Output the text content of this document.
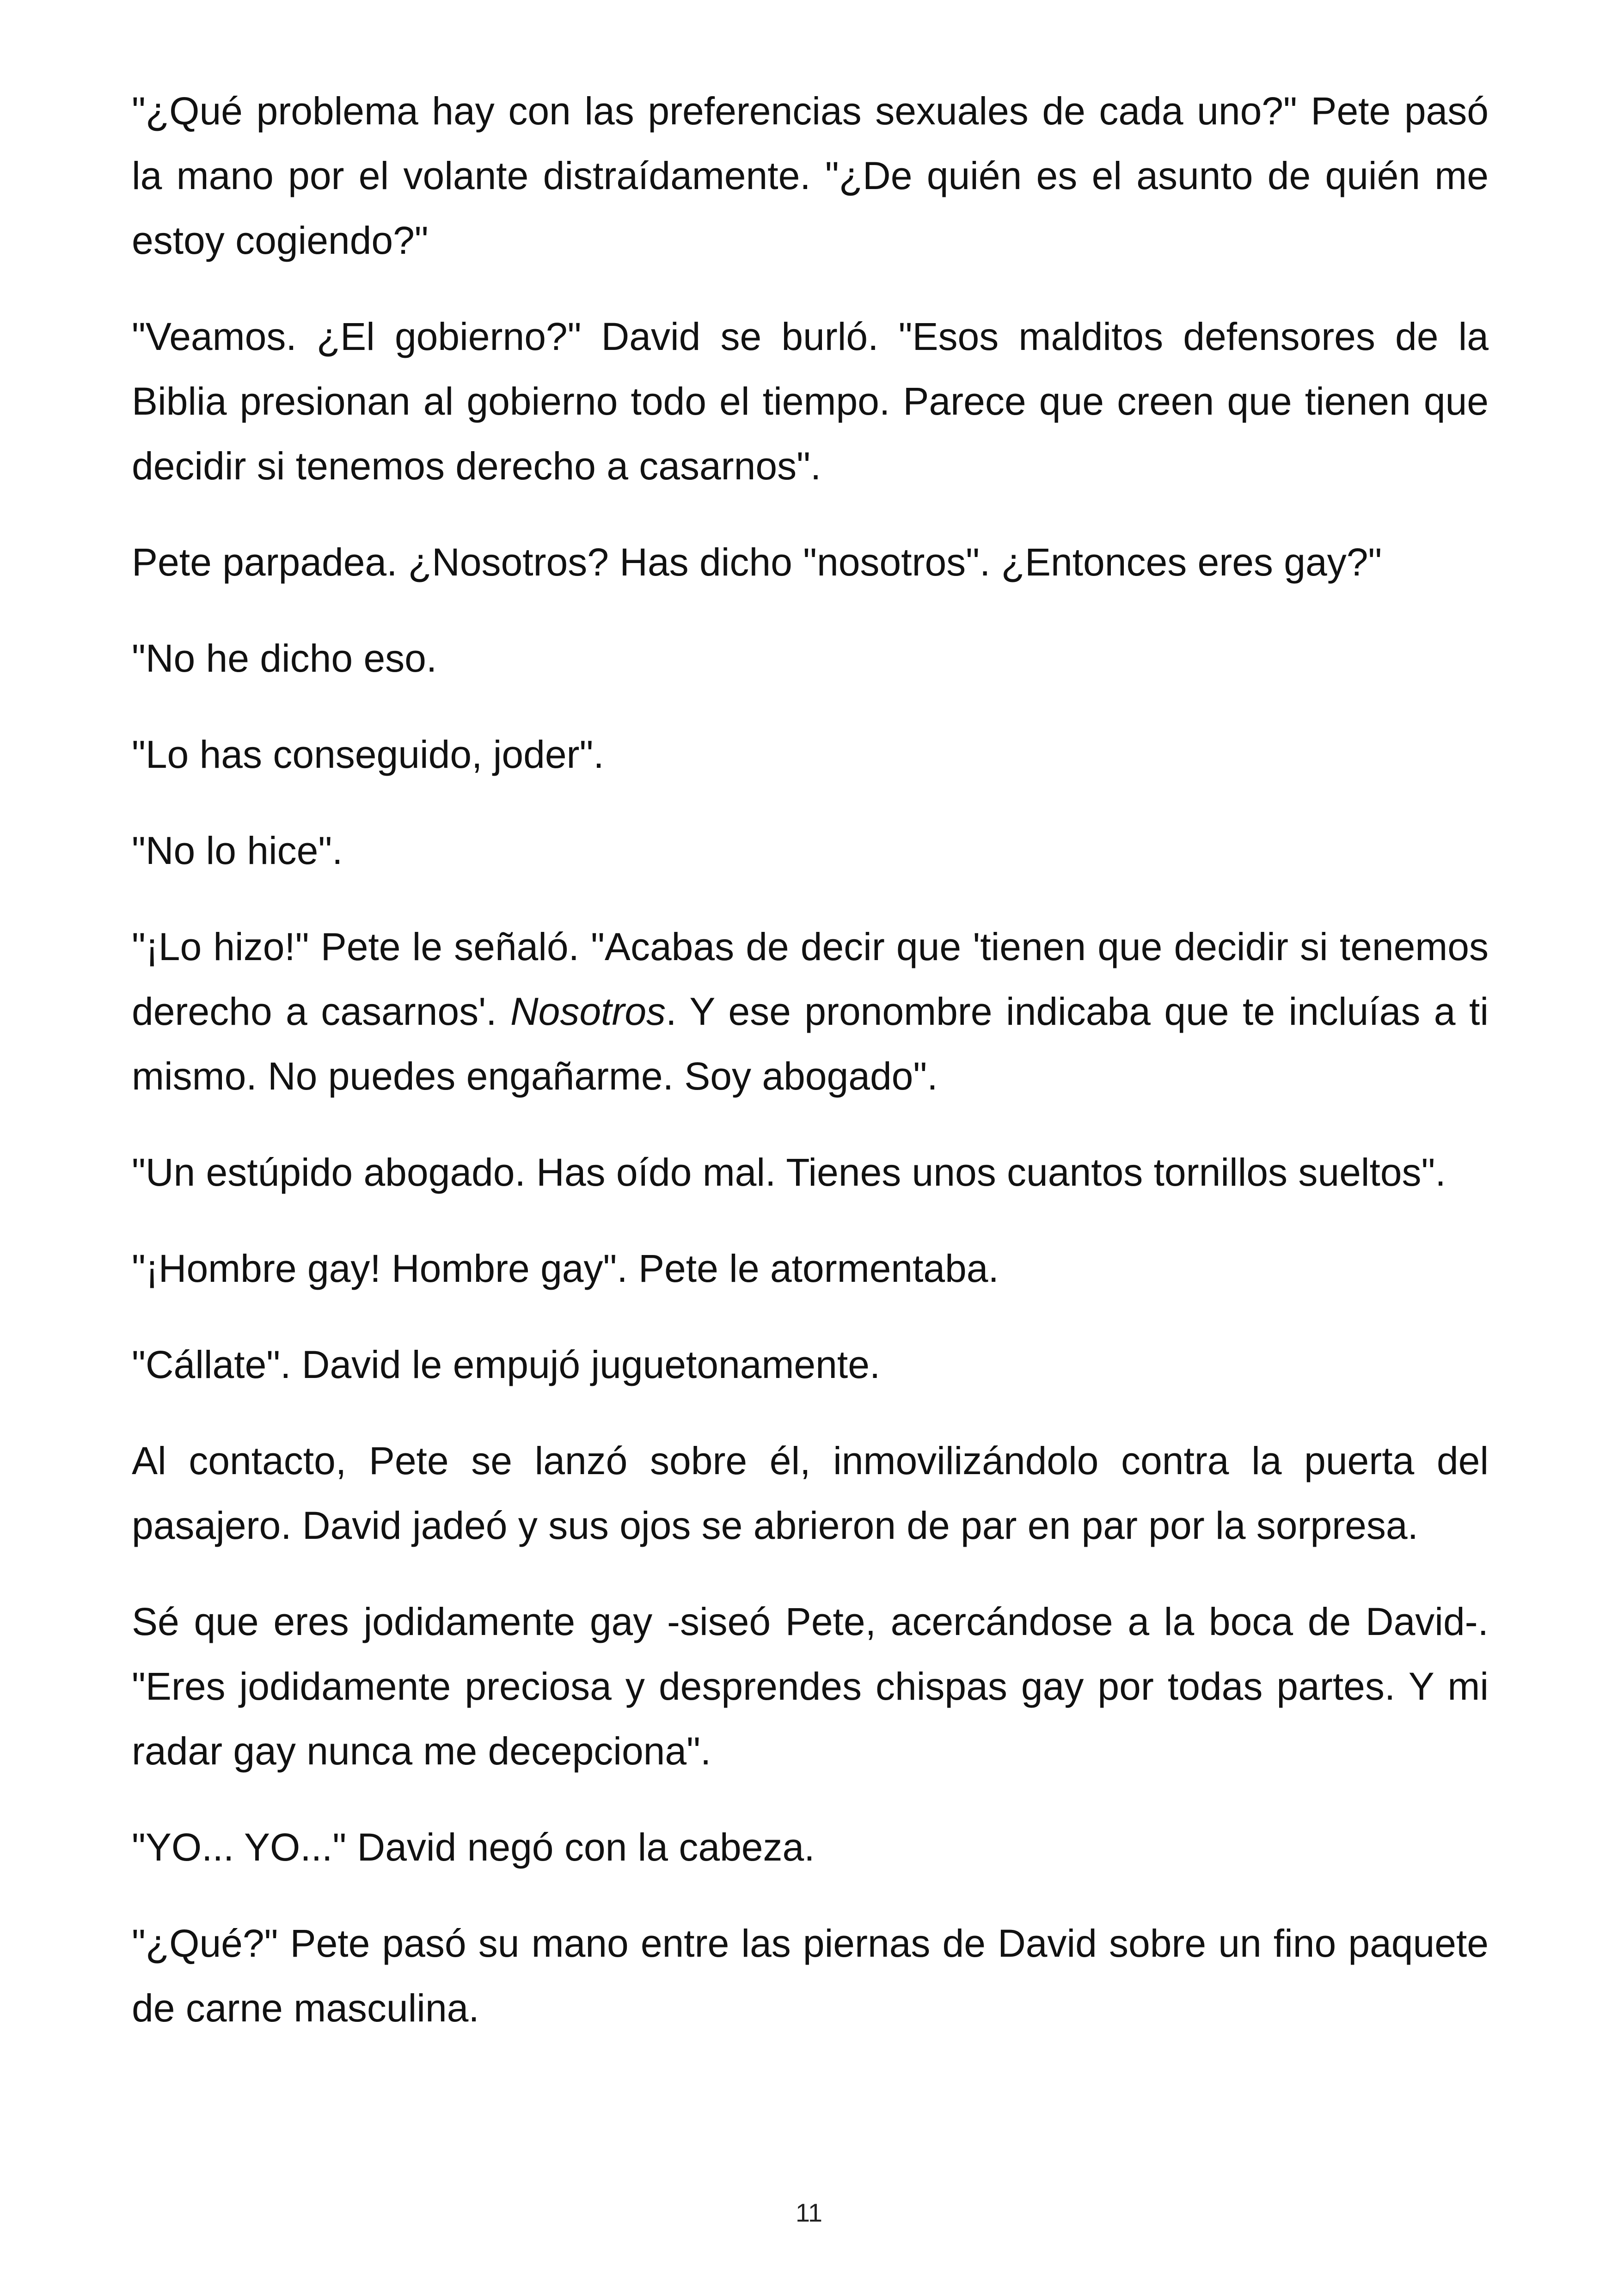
"¿Qué problema hay con las preferencias sexuales de cada uno?" Pete pasó la mano por el volante distraídamente. "¿De quién es el asunto de quién me estoy cogiendo?"

"Veamos. ¿El gobierno?" David se burló. "Esos malditos defensores de la Biblia presionan al gobierno todo el tiempo. Parece que creen que tienen que decidir si tenemos derecho a casarnos".

Pete parpadea. ¿Nosotros? Has dicho "nosotros". ¿Entonces eres gay?"

"No he dicho eso.

"Lo has conseguido, joder".

"No lo hice".

"¡Lo hizo!" Pete le señaló. "Acabas de decir que 'tienen que decidir si tenemos derecho a casarnos'. Nosotros. Y ese pronombre indicaba que te incluías a ti mismo. No puedes engañarme. Soy abogado".

"Un estúpido abogado. Has oído mal. Tienes unos cuantos tornillos sueltos".

"¡Hombre gay! Hombre gay". Pete le atormentaba.

"Cállate". David le empujó juguetonamente.

Al contacto, Pete se lanzó sobre él, inmovilizándolo contra la puerta del pasajero. David jadeó y sus ojos se abrieron de par en par por la sorpresa.

Sé que eres jodidamente gay -siseó Pete, acercándose a la boca de David-. "Eres jodidamente preciosa y desprendes chispas gay por todas partes. Y mi radar gay nunca me decepciona".

"YO... YO..." David negó con la cabeza.

"¿Qué?" Pete pasó su mano entre las piernas de David sobre un fino paquete de carne masculina.

11
